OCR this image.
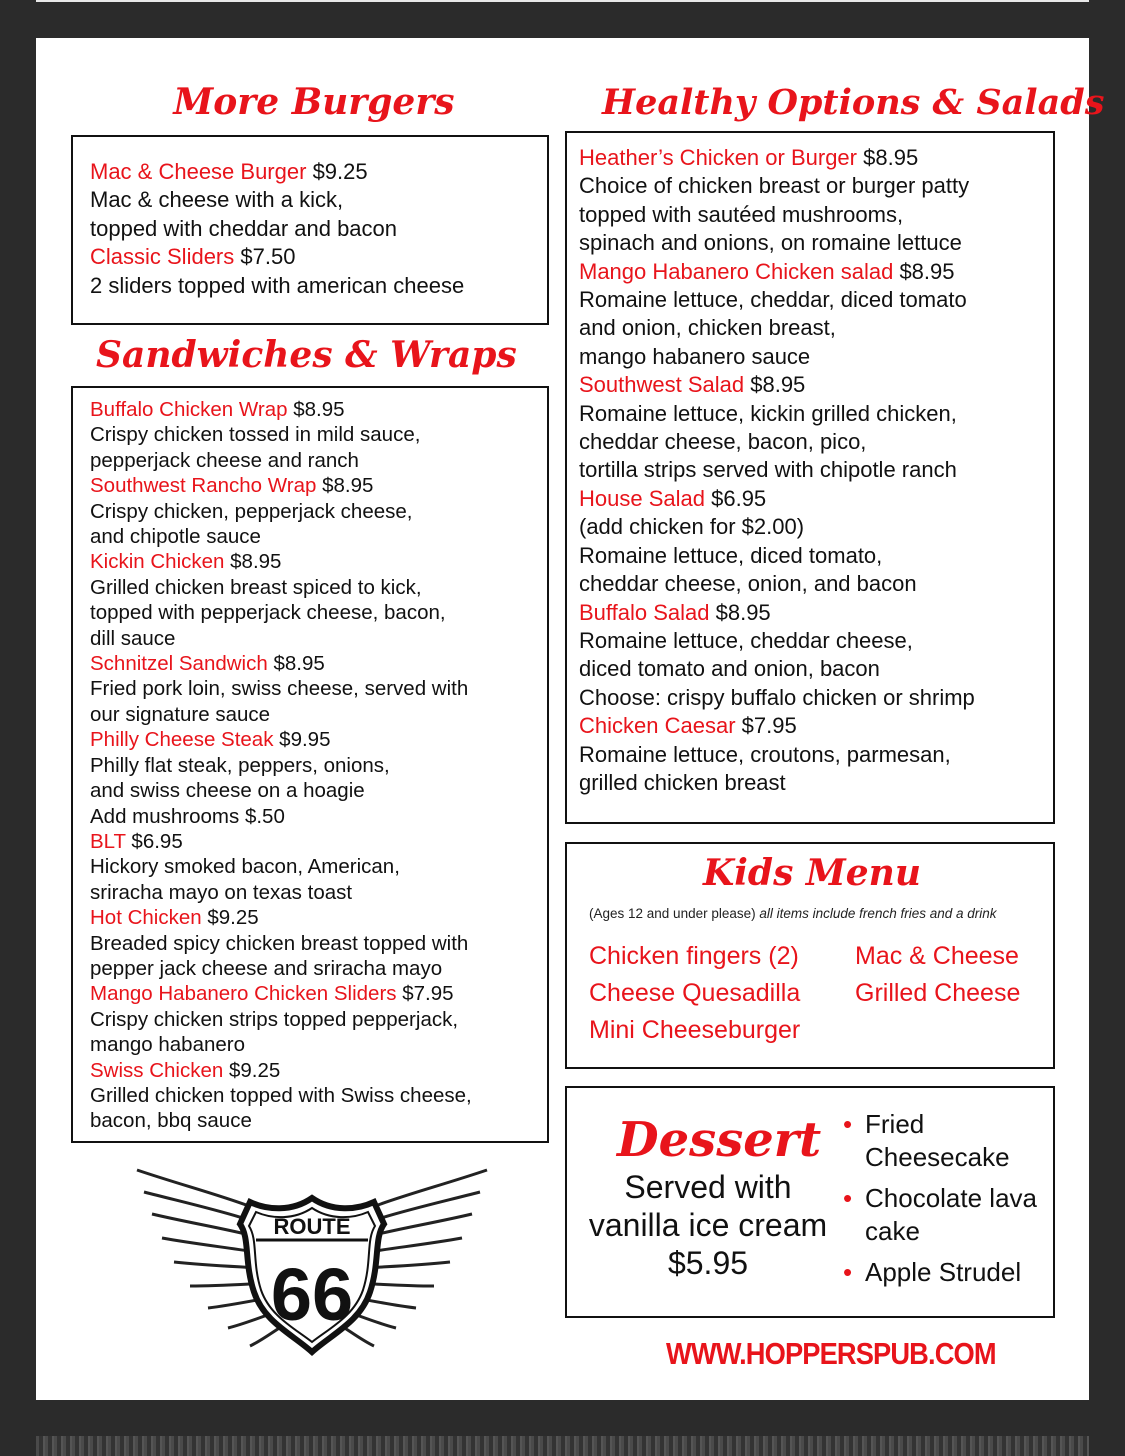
More Burgers
Mac & Cheese Burger $9.25
Mac & cheese with a kick,
topped with cheddar and bacon
Classic Sliders $7.50
2 sliders topped with american cheese
Sandwiches & Wraps
Buffalo Chicken Wrap $8.95
Crispy chicken tossed in mild sauce,
pepperjack cheese and ranch
Southwest Rancho Wrap $8.95
Crispy chicken, pepperjack cheese,
and chipotle sauce
Kickin Chicken $8.95
Grilled chicken breast spiced to kick,
topped with pepperjack cheese, bacon,
dill sauce
Schnitzel Sandwich $8.95
Fried pork loin, swiss cheese, served with
our signature sauce
Philly Cheese Steak $9.95
Philly flat steak, peppers, onions,
and swiss cheese on a hoagie
Add mushrooms $.50
BLT $6.95
Hickory smoked bacon, American,
sriracha mayo on texas toast
Hot Chicken $9.25
Breaded spicy chicken breast topped with
pepper jack cheese and sriracha mayo
Mango Habanero Chicken Sliders $7.95
Crispy chicken strips topped pepperjack,
mango habanero
Swiss Chicken $9.25
Grilled chicken topped with Swiss cheese,
bacon, bbq sauce
Healthy Options & Salads
Heather’s Chicken or Burger $8.95
Choice of chicken breast or burger patty
topped with sautéed mushrooms,
spinach and onions, on romaine lettuce
Mango Habanero Chicken salad $8.95
Romaine lettuce, cheddar, diced tomato
and onion, chicken breast,
mango habanero sauce
Southwest Salad $8.95
Romaine lettuce, kickin grilled chicken,
cheddar cheese, bacon, pico,
tortilla strips served with chipotle ranch
House Salad $6.95
(add chicken for $2.00)
Romaine lettuce, diced tomato,
cheddar cheese, onion, and bacon
Buffalo Salad $8.95
Romaine lettuce, cheddar cheese,
diced tomato and onion, bacon
Choose: crispy buffalo chicken or shrimp
Chicken Caesar $7.95
Romaine lettuce, croutons, parmesan,
grilled chicken breast
Kids Menu
(Ages 12 and under please) all items include french fries and a drink
Chicken fingers (2)
Cheese Quesadilla
Mini Cheeseburger
Mac & Cheese
Grilled Cheese
Dessert
Served with
vanilla ice cream
$5.95
• Fried Cheesecake
• Chocolate lava cake
• Apple Strudel
WWW.HOPPERSPUB.COM
ROUTE
66
